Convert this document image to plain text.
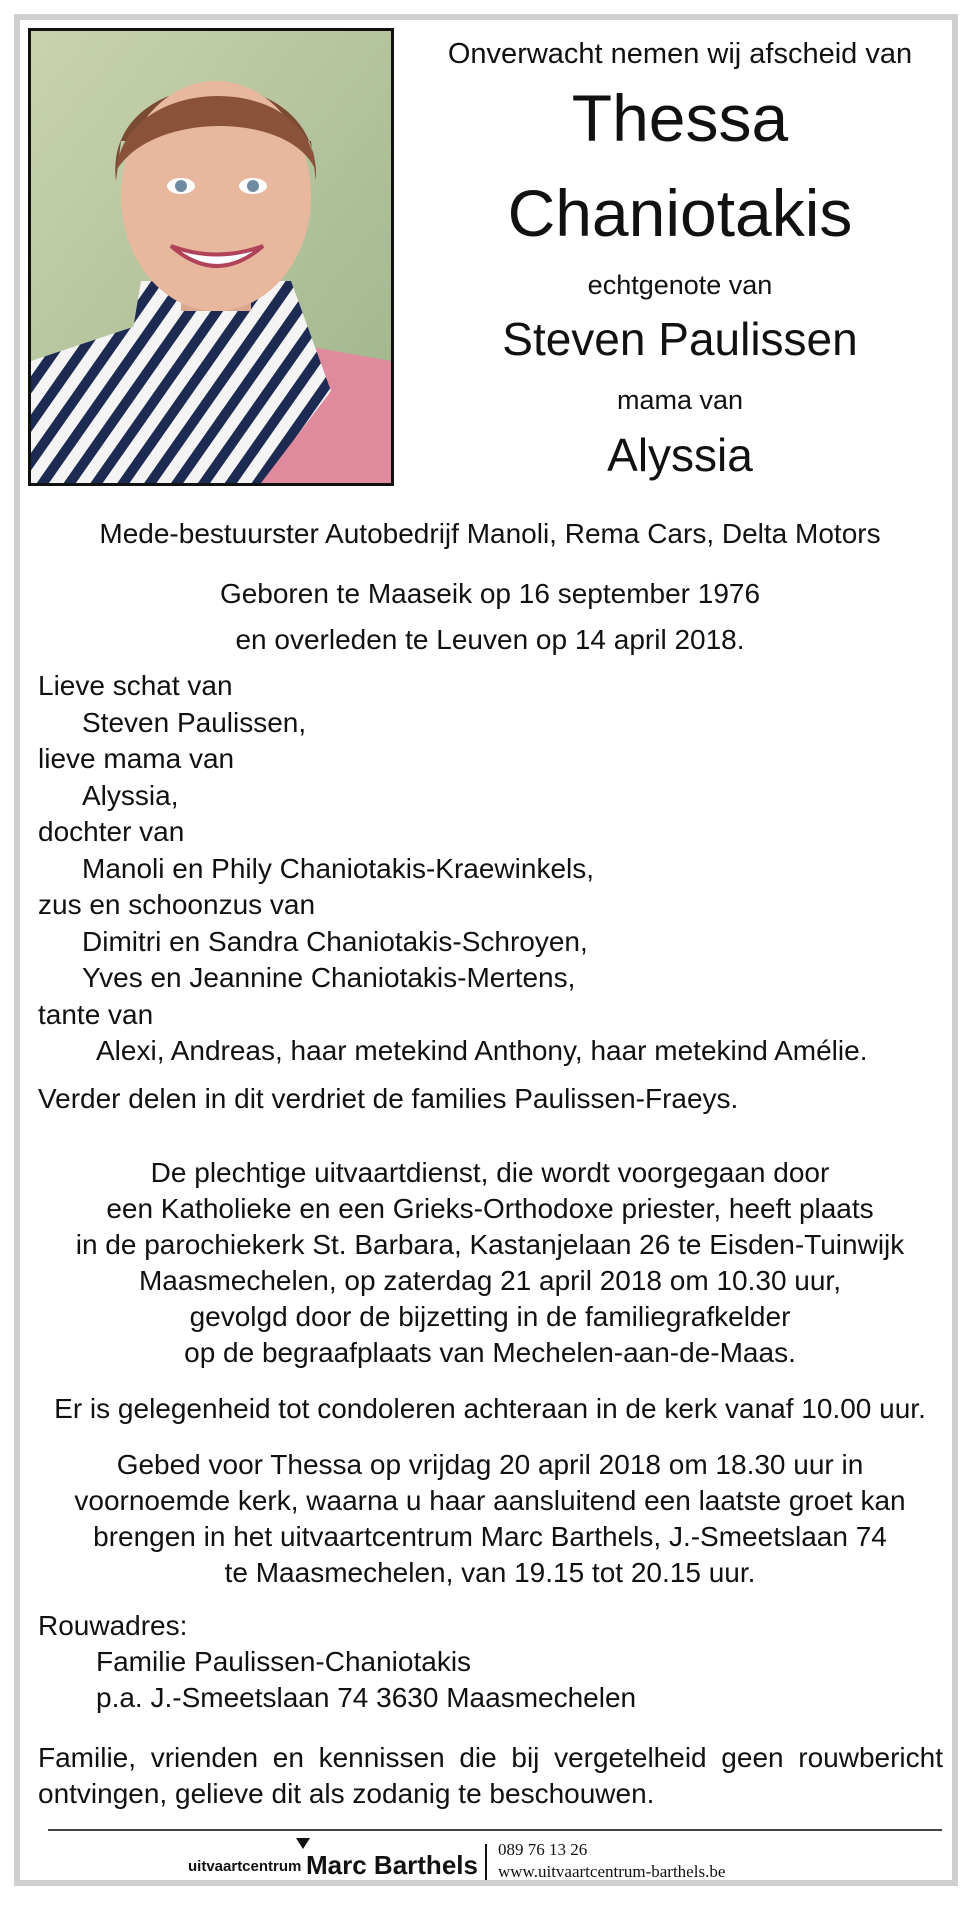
Onverwacht nemen wij afscheid van
Thessa
Chaniotakis
echtgenote van
Steven Paulissen
mama van
Alyssia
Mede-bestuurster Autobedrijf Manoli, Rema Cars, Delta Motors
Geboren te Maaseik op 16 september 1976
en overleden te Leuven op 14 april 2018.
Lieve schat van
Steven Paulissen,
lieve mama van
Alyssia,
dochter van
Manoli en Phily Chaniotakis-Kraewinkels,
zus en schoonzus van
Dimitri en Sandra Chaniotakis-Schroyen,
Yves en Jeannine Chaniotakis-Mertens,
tante van
Alexi, Andreas, haar metekind Anthony, haar metekind Amélie.
Verder delen in dit verdriet de families Paulissen-Fraeys.
De plechtige uitvaartdienst, die wordt voorgegaan door
een Katholieke en een Grieks-Orthodoxe priester, heeft plaats
in de parochiekerk St. Barbara, Kastanjelaan 26 te Eisden-Tuinwijk
Maasmechelen, op zaterdag 21 april 2018 om 10.30 uur,
gevolgd door de bijzetting in de familiegrafkelder
op de begraafplaats van Mechelen-aan-de-Maas.
Er is gelegenheid tot condoleren achteraan in de kerk vanaf 10.00 uur.
Gebed voor Thessa op vrijdag 20 april 2018 om 18.30 uur in
voornoemde kerk, waarna u haar aansluitend een laatste groet kan
brengen in het uitvaartcentrum Marc Barthels, J.-Smeetslaan 74
te Maasmechelen, van 19.15 tot 20.15 uur.
Rouwadres:
Familie Paulissen-Chaniotakis
p.a. J.-Smeetslaan 74 3630 Maasmechelen
Familie, vrienden en kennissen die bij vergetelheid geen rouwbericht ontvingen, gelieve dit als zodanig te beschouwen.
uitvaartcentrum Marc Barthels
089 76 13 26
www.uitvaartcentrum-barthels.be
